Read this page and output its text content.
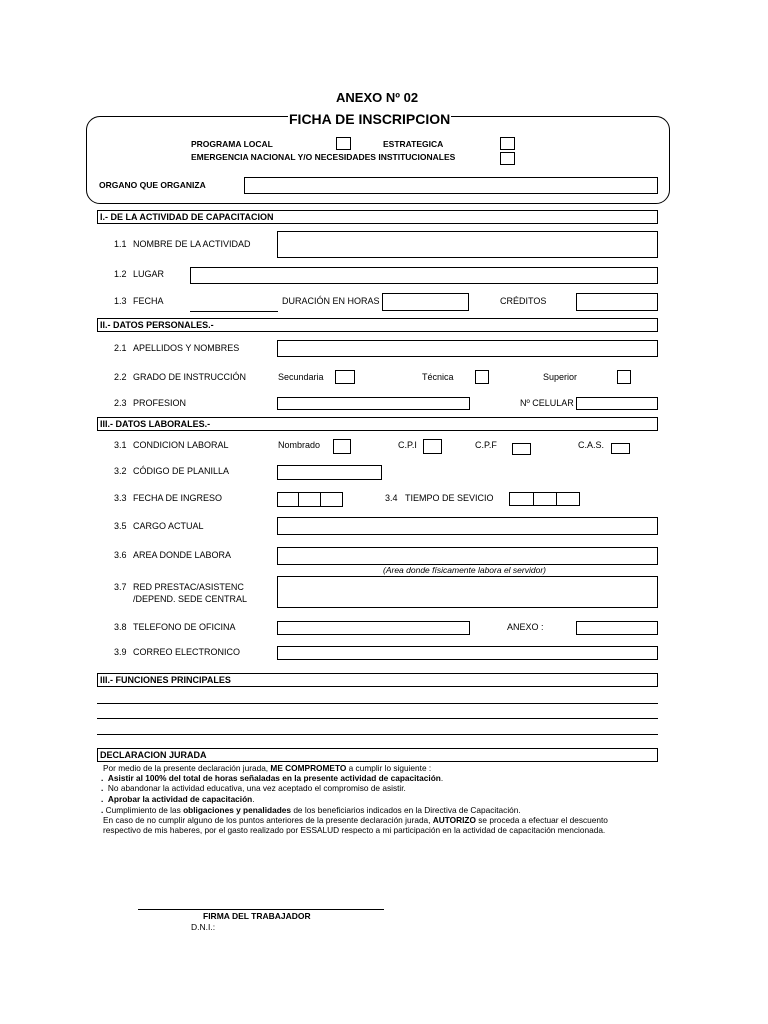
ANEXO Nº 02
FICHA DE INSCRIPCION
PROGRAMA LOCAL	ESTRATEGICA
EMERGENCIA NACIONAL Y/O NECESIDADES INSTITUCIONALES
ORGANO QUE ORGANIZA
I.- DE LA ACTIVIDAD DE CAPACITACION
1.1 NOMBRE DE LA ACTIVIDAD
1.2 LUGAR
1.3 FECHA	DURACIÓN EN HORAS	CRÉDITOS
II.- DATOS PERSONALES.-
2.1 APELLIDOS Y NOMBRES
2.2 GRADO DE INSTRUCCIÓN	Secundaria	Técnica	Superior
2.3 PROFESION	Nº CELULAR
III.- DATOS LABORALES.-
3.1 CONDICION LABORAL	Nombrado	C.P.I	C.P.F	C.A.S.
3.2 CÓDIGO DE PLANILLA
3.3 FECHA DE INGRESO	3.4 TIEMPO DE SEVICIO
3.5 CARGO ACTUAL
3.6 AREA DONDE LABORA
(Area donde físicamente labora el servidor)
3.7 RED PRESTAC/ASISTENC
/DEPEND. SEDE CENTRAL
3.8 TELEFONO DE OFICINA	ANEXO :
3.9 CORREO ELECTRONICO
III.- FUNCIONES PRINCIPALES
DECLARACION JURADA
Por medio de la presente declaración jurada, ME COMPROMETO a cumplir lo siguiente :
.  Asistir al 100% del total de horas señaladas en la presente actividad de capacitación.
.  No abandonar la actividad educativa, una vez aceptado el compromiso de asistir.
.  Aprobar la actividad de capacitación.
. Cumplimiento de las obligaciones y penalidades de los beneficiarios indicados en la Directiva de Capacitación.
En caso de no cumplir alguno de los puntos anteriores de la presente declaración jurada, AUTORIZO se proceda a efectuar el descuento
respectivo de mis haberes, por el gasto realizado por ESSALUD respecto a mi participación en la actividad de capacitación mencionada.
FIRMA DEL TRABAJADOR
D.N.I.:
